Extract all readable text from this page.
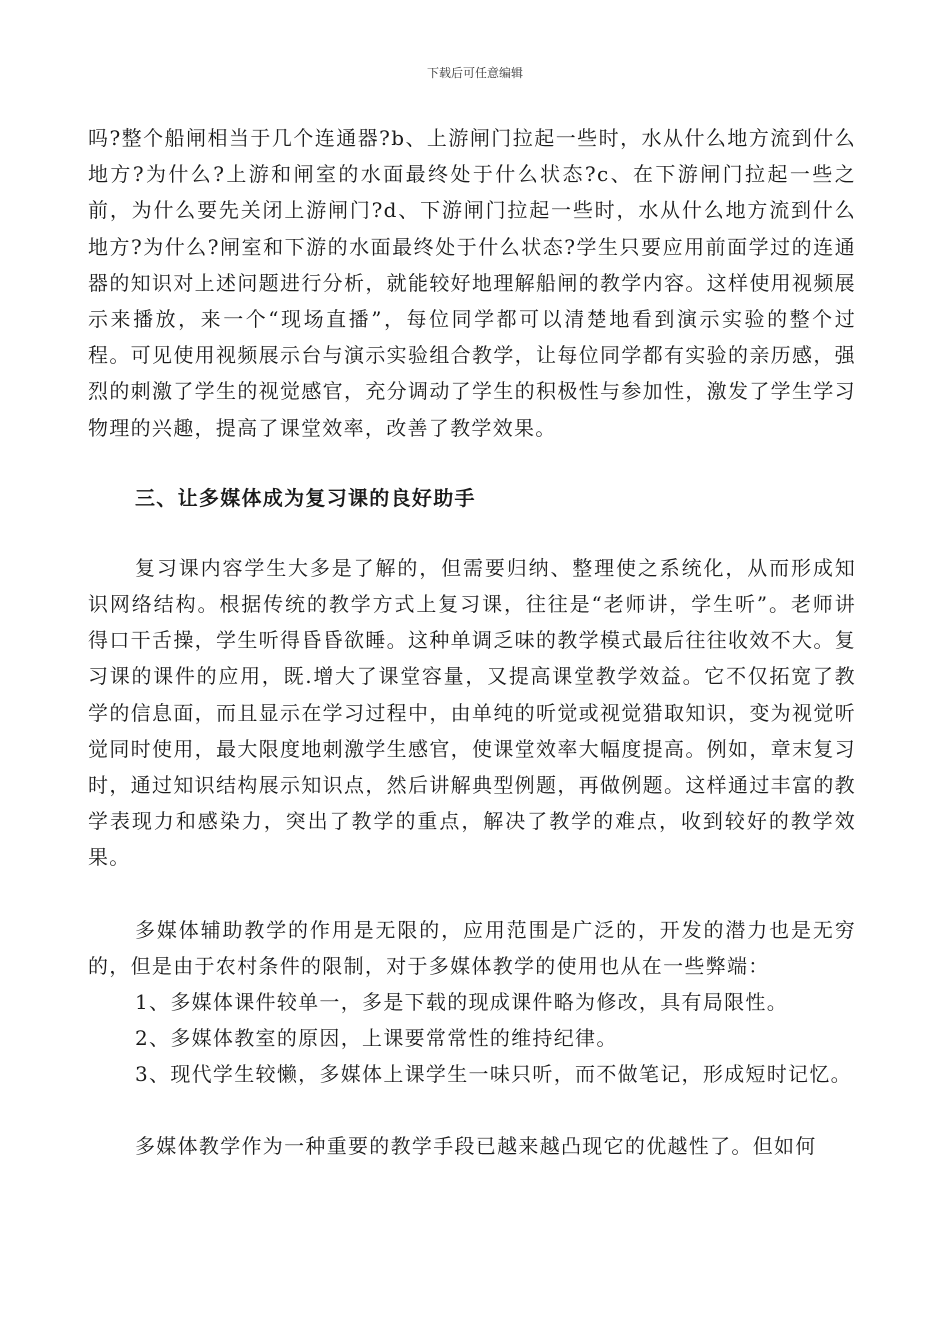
下载后可任意编辑

吗?整个船闸相当于几个连通器?b、上游闸门拉起一些时，水从什么地方流到什么地方?为什么?上游和闸室的水面最终处于什么状态?c、在下游闸门拉起一些之前，为什么要先关闭上游闸门?d、下游闸门拉起一些时，水从什么地方流到什么地方?为什么?闸室和下游的水面最终处于什么状态?学生只要应用前面学过的连通器的知识对上述问题进行分析，就能较好地理解船闸的教学内容。这样使用视频展示来播放，来一个“现场直播”，每位同学都可以清楚地看到演示实验的整个过程。可见使用视频展示台与演示实验组合教学，让每位同学都有实验的亲历感，强烈的刺激了学生的视觉感官，充分调动了学生的积极性与参加性，激发了学生学习物理的兴趣，提高了课堂效率，改善了教学效果。

三、让多媒体成为复习课的良好助手

复习课内容学生大多是了解的，但需要归纳、整理使之系统化，从而形成知识网络结构。根据传统的教学方式上复习课，往往是“老师讲，学生听”。老师讲得口干舌操，学生听得昏昏欲睡。这种单调乏味的教学模式最后往往收效不大。复习课的课件的应用，既.增大了课堂容量，又提高课堂教学效益。它不仅拓宽了教学的信息面，而且显示在学习过程中，由单纯的听觉或视觉猎取知识，变为视觉听觉同时使用，最大限度地刺激学生感官，使课堂效率大幅度提高。例如，章末复习时，通过知识结构展示知识点，然后讲解典型例题，再做例题。这样通过丰富的教学表现力和感染力，突出了教学的重点，解决了教学的难点，收到较好的教学效果。

多媒体辅助教学的作用是无限的，应用范围是广泛的，开发的潜力也是无穷的，但是由于农村条件的限制，对于多媒体教学的使用也从在一些弊端：

1、多媒体课件较单一，多是下载的现成课件略为修改，具有局限性。

2、多媒体教室的原因，上课要常常性的维持纪律。

3、现代学生较懒，多媒体上课学生一味只听，而不做笔记，形成短时记忆。

多媒体教学作为一种重要的教学手段已越来越凸现它的优越性了。但如何
